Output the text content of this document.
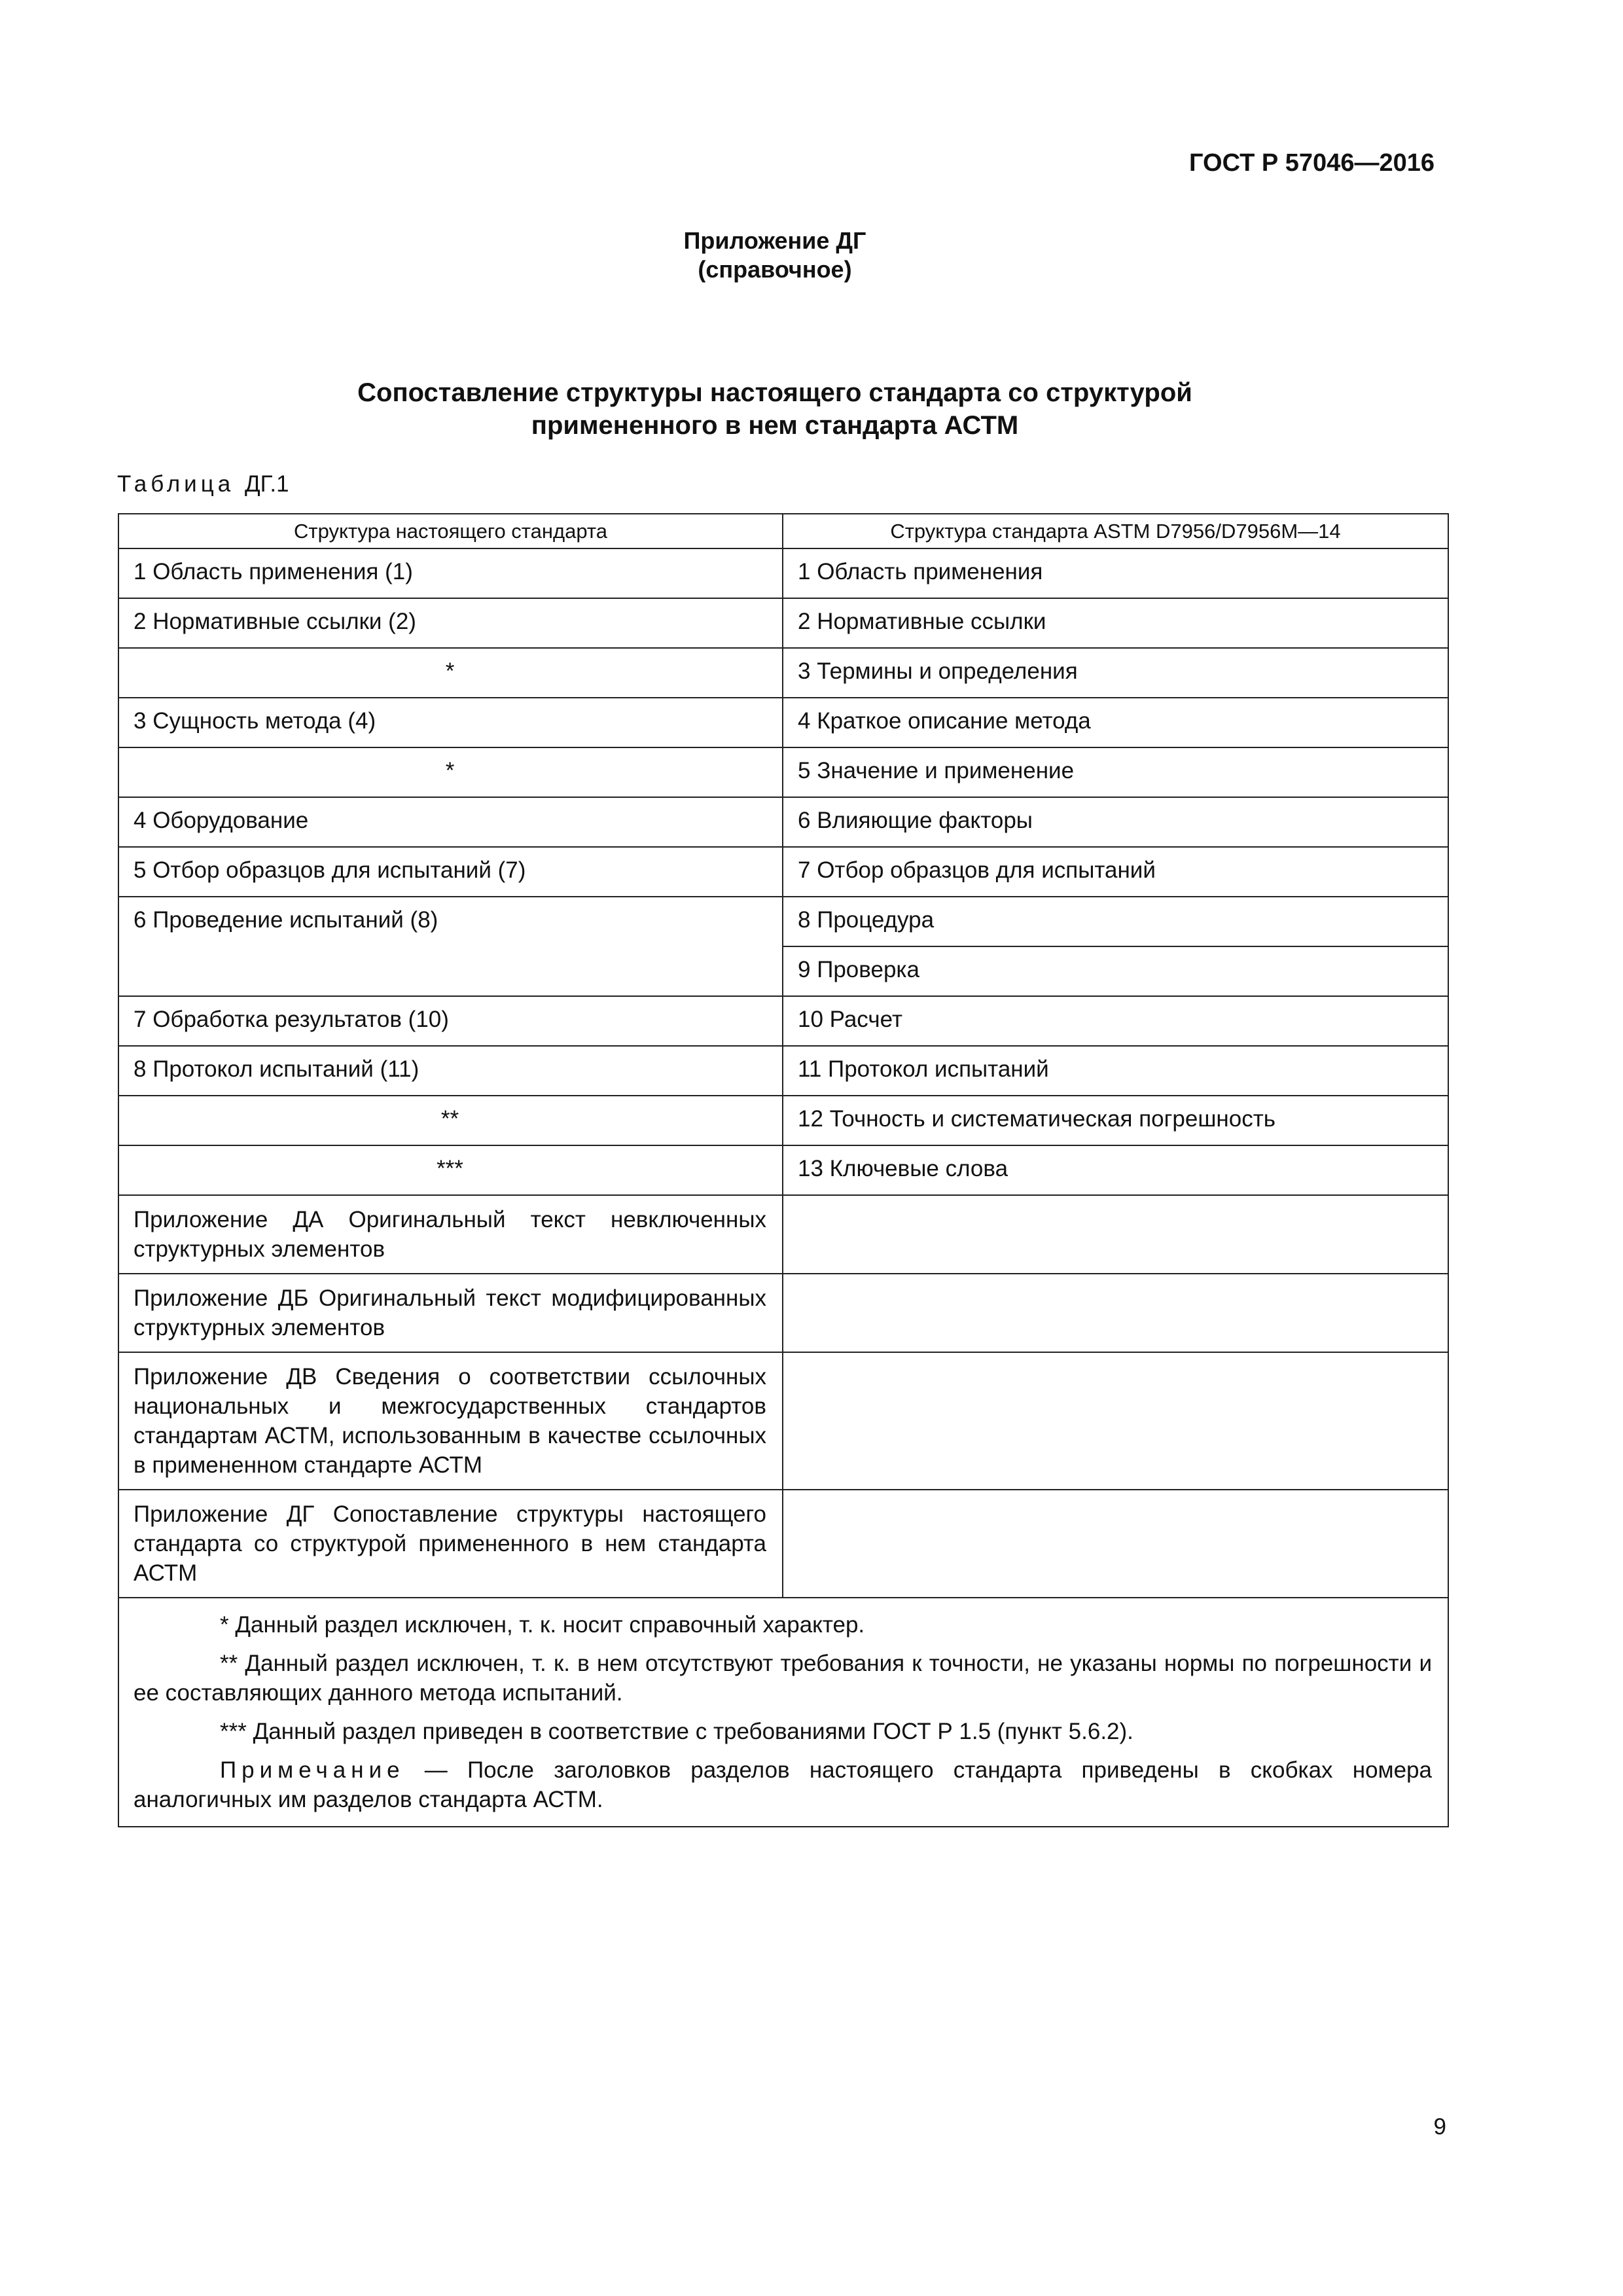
ГОСТ Р 57046—2016
Приложение ДГ
(справочное)
Сопоставление структуры настоящего стандарта со структурой
примененного в нем стандарта АСТМ
Таблица ДГ.1
Структура настоящего стандарта	Структура стандарта ASTM D7956/D7956M—14
1 Область применения (1)	1 Область применения
2 Нормативные ссылки (2)	2 Нормативные ссылки
*	3 Термины и определения
3 Сущность метода (4)	4 Краткое описание метода
*	5 Значение и применение
4 Оборудование	6 Влияющие факторы
5 Отбор образцов для испытаний (7)	7 Отбор образцов для испытаний
6 Проведение испытаний (8)	8 Процедура
	9 Проверка
7 Обработка результатов (10)	10 Расчет
8 Протокол испытаний (11)	11 Протокол испытаний
**	12 Точность и систематическая погрешность
***	13 Ключевые слова
Приложение ДА Оригинальный текст невключенных структурных элементов	
Приложение ДБ Оригинальный текст модифицированных структурных элементов	
Приложение ДВ Сведения о соответствии ссылочных национальных и межгосударственных стандартов стандартам АСТМ, использованным в качестве ссылочных в примененном стандарте АСТМ	
Приложение ДГ Сопоставление структуры настоящего стандарта со структурой примененного в нем стандарта АСТМ	

* Данный раздел исключен, т. к. носит справочный характер.

** Данный раздел исключен, т. к. в нем отсутствуют требования к точности, не указаны нормы по погрешности и ее составляющих данного метода испытаний.

*** Данный раздел приведен в соответствие с требованиями ГОСТ Р 1.5 (пункт 5.6.2).

Примечание — После заголовков разделов настоящего стандарта приведены в скобках номера аналогичных им разделов стандарта АСТМ.	

9
